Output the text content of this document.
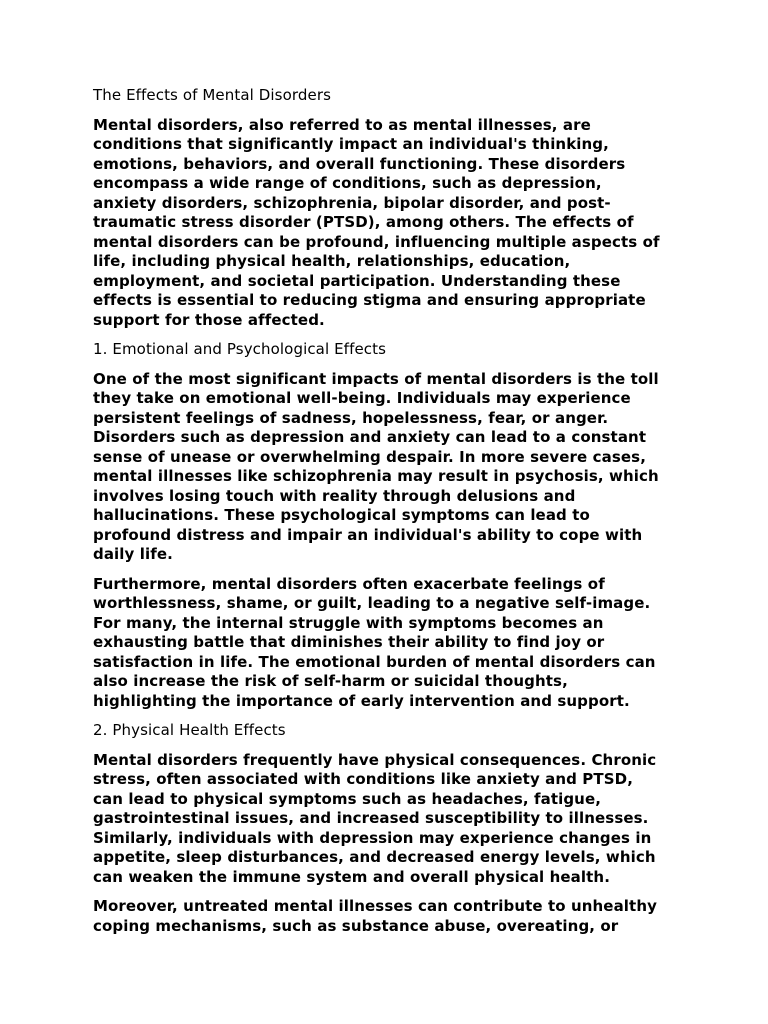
The Effects of Mental Disorders
Mental disorders, also referred to as mental illnesses, are
conditions that significantly impact an individual's thinking,
emotions, behaviors, and overall functioning. These disorders
encompass a wide range of conditions, such as depression,
anxiety disorders, schizophrenia, bipolar disorder, and post-
traumatic stress disorder (PTSD), among others. The effects of
mental disorders can be profound, influencing multiple aspects of
life, including physical health, relationships, education,
employment, and societal participation. Understanding these
effects is essential to reducing stigma and ensuring appropriate
support for those affected.
1. Emotional and Psychological Effects
One of the most significant impacts of mental disorders is the toll
they take on emotional well-being. Individuals may experience
persistent feelings of sadness, hopelessness, fear, or anger.
Disorders such as depression and anxiety can lead to a constant
sense of unease or overwhelming despair. In more severe cases,
mental illnesses like schizophrenia may result in psychosis, which
involves losing touch with reality through delusions and
hallucinations. These psychological symptoms can lead to
profound distress and impair an individual's ability to cope with
daily life.
Furthermore, mental disorders often exacerbate feelings of
worthlessness, shame, or guilt, leading to a negative self-image.
For many, the internal struggle with symptoms becomes an
exhausting battle that diminishes their ability to find joy or
satisfaction in life. The emotional burden of mental disorders can
also increase the risk of self-harm or suicidal thoughts,
highlighting the importance of early intervention and support.
2. Physical Health Effects
Mental disorders frequently have physical consequences. Chronic
stress, often associated with conditions like anxiety and PTSD,
can lead to physical symptoms such as headaches, fatigue,
gastrointestinal issues, and increased susceptibility to illnesses.
Similarly, individuals with depression may experience changes in
appetite, sleep disturbances, and decreased energy levels, which
can weaken the immune system and overall physical health.
Moreover, untreated mental illnesses can contribute to unhealthy
coping mechanisms, such as substance abuse, overeating, or
